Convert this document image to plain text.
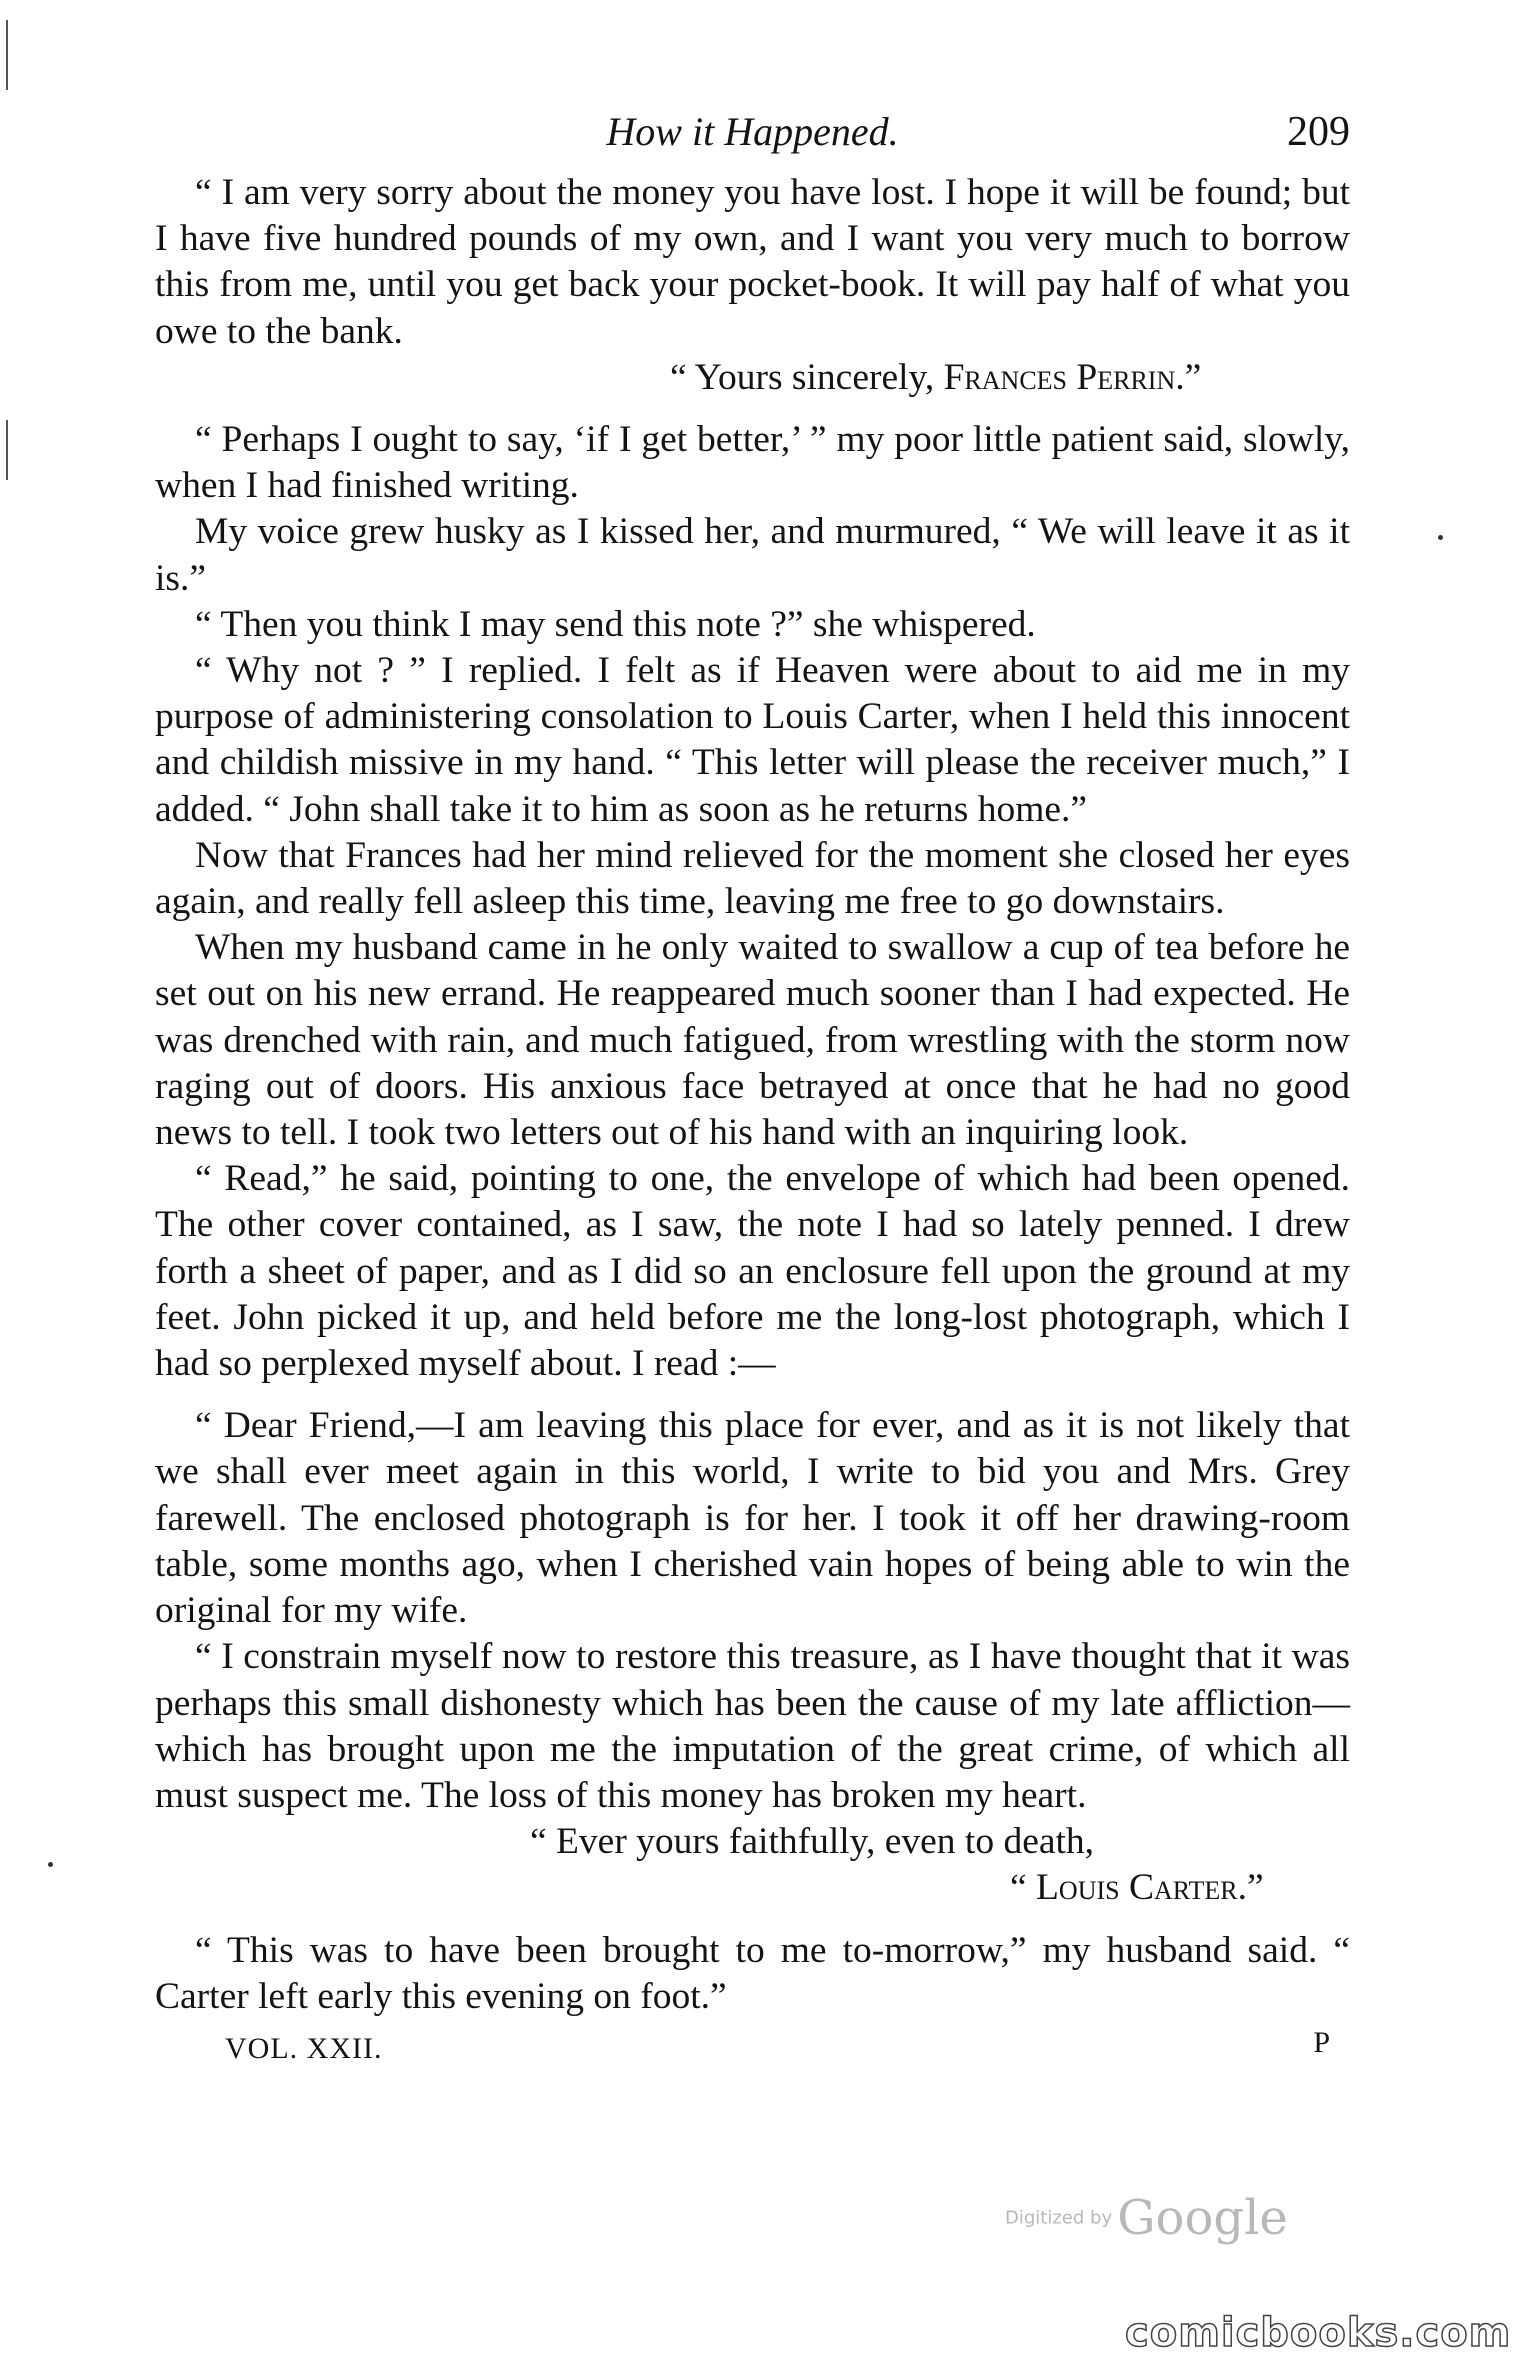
How it Happened.	209

“ I am very sorry about the money you have lost. I hope it will be found; but I have five hundred pounds of my own, and I want you very much to borrow this from me, until you get back your pocket-book. It will pay half of what you owe to the bank.

“ Yours sincerely, Frances Perrin.”

“ Perhaps I ought to say, ‘if I get better,’ ” my poor little patient said, slowly, when I had finished writing.

My voice grew husky as I kissed her, and murmured, “ We will leave it as it is.”

“ Then you think I may send this note ?” she whispered.

“ Why not ? ” I replied. I felt as if Heaven were about to aid me in my purpose of administering consolation to Louis Carter, when I held this innocent and childish missive in my hand. “ This letter will please the receiver much,” I added. “ John shall take it to him as soon as he returns home.”

Now that Frances had her mind relieved for the moment she closed her eyes again, and really fell asleep this time, leaving me free to go downstairs.

When my husband came in he only waited to swallow a cup of tea before he set out on his new errand. He reappeared much sooner than I had expected. He was drenched with rain, and much fatigued, from wrestling with the storm now raging out of doors. His anxious face betrayed at once that he had no good news to tell. I took two letters out of his hand with an inquiring look.

“ Read,” he said, pointing to one, the envelope of which had been opened. The other cover contained, as I saw, the note I had so lately penned. I drew forth a sheet of paper, and as I did so an enclosure fell upon the ground at my feet. John picked it up, and held before me the long-lost photograph, which I had so perplexed myself about. I read :—

“ Dear Friend,—I am leaving this place for ever, and as it is not likely that we shall ever meet again in this world, I write to bid you and Mrs. Grey farewell. The enclosed photograph is for her. I took it off her drawing-room table, some months ago, when I cherished vain hopes of being able to win the original for my wife.

“ I constrain myself now to restore this treasure, as I have thought that it was perhaps this small dishonesty which has been the cause of my late affliction—which has brought upon me the imputation of the great crime, of which all must suspect me. The loss of this money has broken my heart.

“ Ever yours faithfully, even to death,

“ Louis Carter.”

“ This was to have been brought to me to-morrow,” my husband said. “ Carter left early this evening on foot.”

VOL. XXII.	P
Digitized by Google
comicbooks.com
